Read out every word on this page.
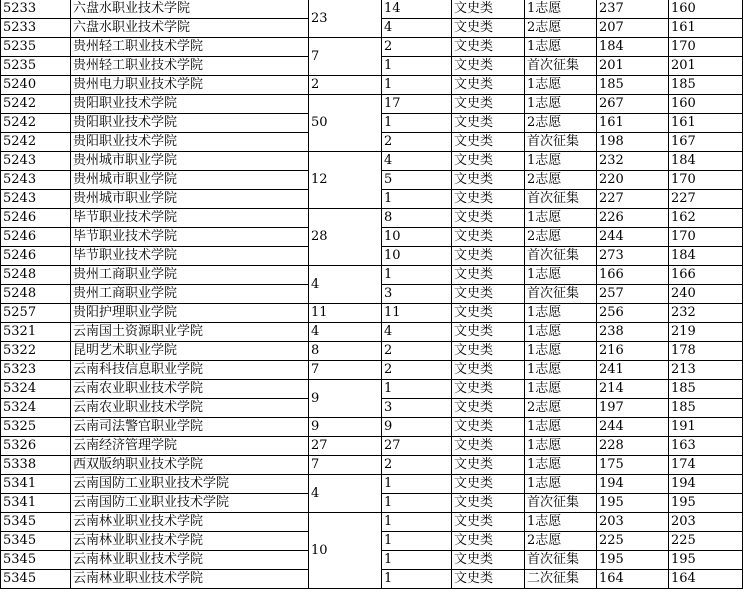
5233	六盘水职业技术学院	23	14	文史类	1志愿	237	160
5233	六盘水职业技术学院		4	文史类	2志愿	207	161
5235	贵州轻工职业技术学院	7	2	文史类	1志愿	184	170
5235	贵州轻工职业技术学院		1	文史类	首次征集	201	201
5240	贵州电力职业技术学院	2	1	文史类	1志愿	185	185
5242	贵阳职业技术学院	50	17	文史类	1志愿	267	160
5242	贵阳职业技术学院		1	文史类	2志愿	161	161
5242	贵阳职业技术学院		2	文史类	首次征集	198	167
5243	贵州城市职业学院	12	4	文史类	1志愿	232	184
5243	贵州城市职业学院		5	文史类	2志愿	220	170
5243	贵州城市职业学院		1	文史类	首次征集	227	227
5246	毕节职业技术学院	28	8	文史类	1志愿	226	162
5246	毕节职业技术学院		10	文史类	2志愿	244	170
5246	毕节职业技术学院		10	文史类	首次征集	273	184
5248	贵州工商职业学院	4	1	文史类	1志愿	166	166
5248	贵州工商职业学院		3	文史类	首次征集	257	240
5257	贵阳护理职业学院	11	11	文史类	1志愿	256	232
5321	云南国土资源职业学院	4	4	文史类	1志愿	238	219
5322	昆明艺术职业学院	8	2	文史类	1志愿	216	178
5323	云南科技信息职业学院	7	2	文史类	1志愿	241	213
5324	云南农业职业技术学院	9	1	文史类	1志愿	214	185
5324	云南农业职业技术学院		3	文史类	2志愿	197	185
5325	云南司法警官职业学院	9	9	文史类	1志愿	244	191
5326	云南经济管理学院	27	27	文史类	1志愿	228	163
5338	西双版纳职业技术学院	7	2	文史类	1志愿	175	174
5341	云南国防工业职业技术学院	4	1	文史类	1志愿	194	194
5341	云南国防工业职业技术学院		1	文史类	首次征集	195	195
5345	云南林业职业技术学院	10	1	文史类	1志愿	203	203
5345	云南林业职业技术学院		1	文史类	2志愿	225	225
5345	云南林业职业技术学院		1	文史类	首次征集	195	195
5345	云南林业职业技术学院		1	文史类	二次征集	164	164
